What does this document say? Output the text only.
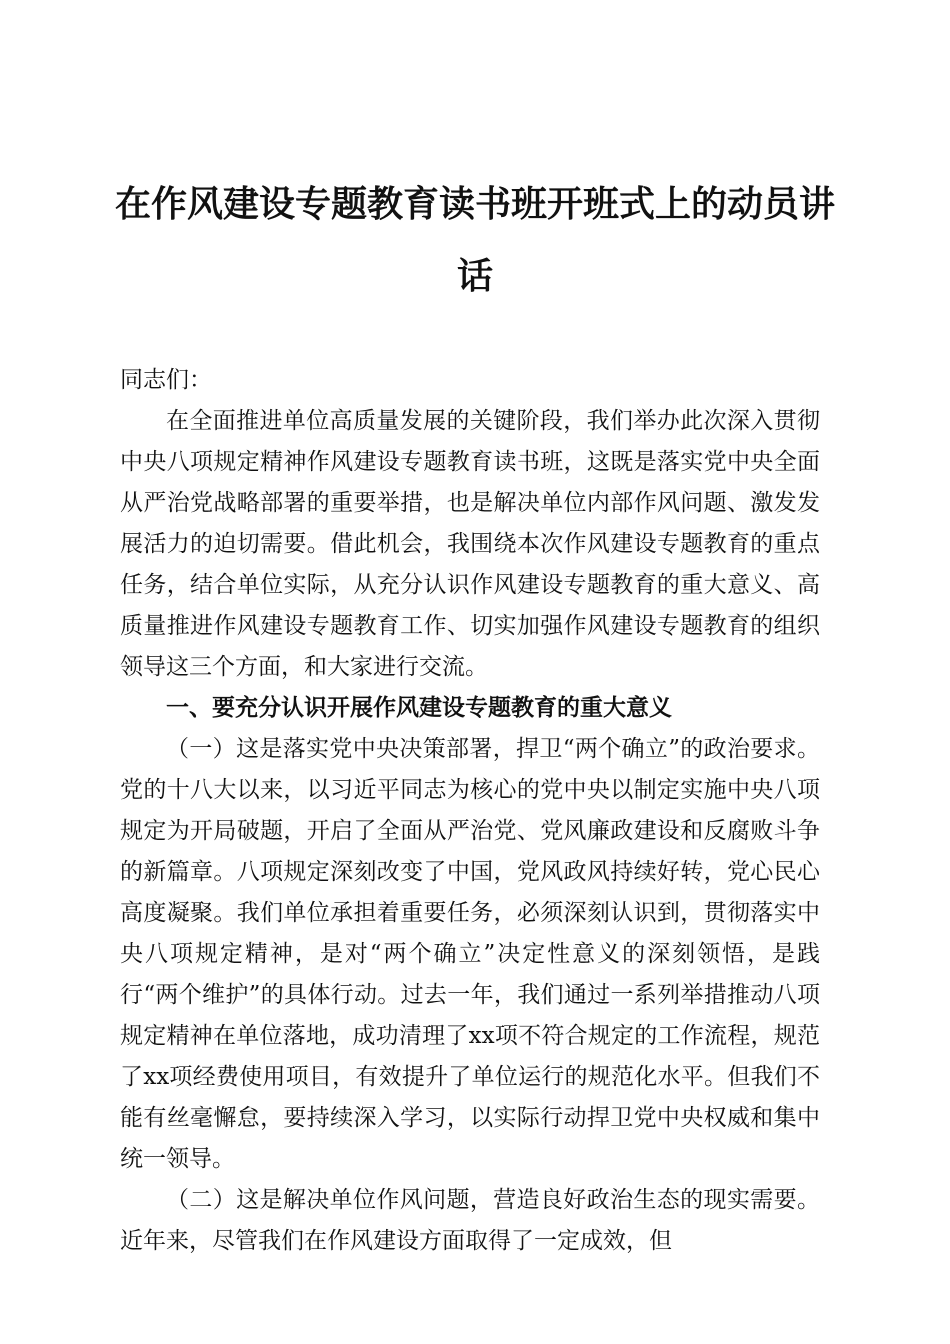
在作风建设专题教育读书班开班式上的动员讲话

同志们：

在全面推进单位高质量发展的关键阶段，我们举办此次深入贯彻中央八项规定精神作风建设专题教育读书班，这既是落实党中央全面从严治党战略部署的重要举措，也是解决单位内部作风问题、激发发展活力的迫切需要。借此机会，我围绕本次作风建设专题教育的重点任务，结合单位实际，从充分认识作风建设专题教育的重大意义、高质量推进作风建设专题教育工作、切实加强作风建设专题教育的组织领导这三个方面，和大家进行交流。

一、要充分认识开展作风建设专题教育的重大意义

（一）这是落实党中央决策部署，捍卫“两个确立”的政治要求。党的十八大以来，以习近平同志为核心的党中央以制定实施中央八项规定为开局破题，开启了全面从严治党、党风廉政建设和反腐败斗争的新篇章。八项规定深刻改变了中国，党风政风持续好转，党心民心高度凝聚。我们单位承担着重要任务，必须深刻认识到，贯彻落实中央八项规定精神，是对“两个确立”决定性意义的深刻领悟，是践行“两个维护”的具体行动。过去一年，我们通过一系列举措推动八项规定精神在单位落地，成功清理了xx项不符合规定的工作流程，规范了xx项经费使用项目，有效提升了单位运行的规范化水平。但我们不能有丝毫懈怠，要持续深入学习，以实际行动捍卫党中央权威和集中统一领导。

（二）这是解决单位作风问题，营造良好政治生态的现实需要。近年来，尽管我们在作风建设方面取得了一定成效，但
